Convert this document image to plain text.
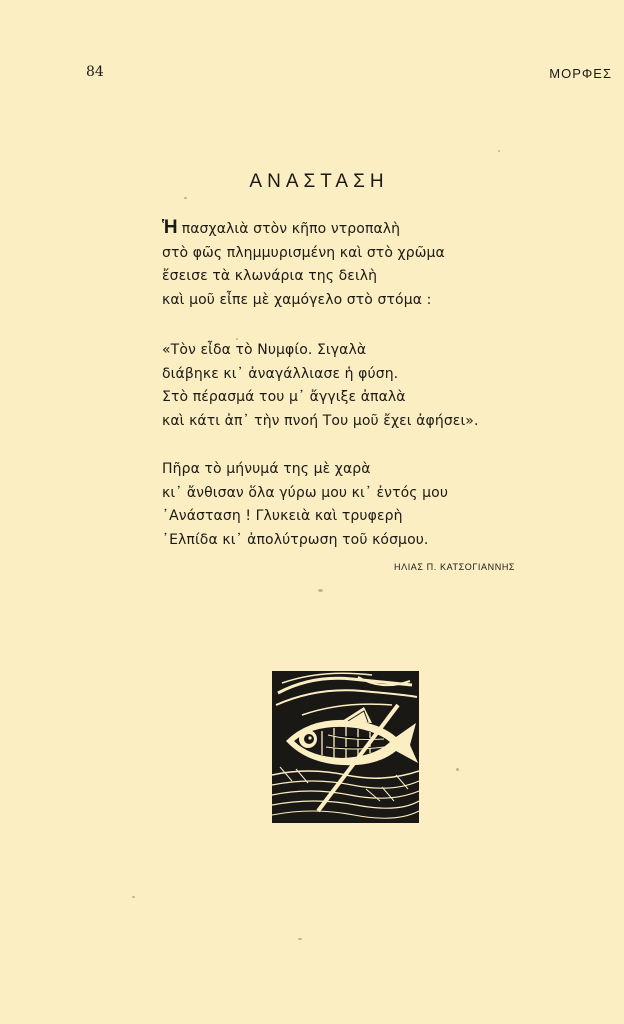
84	ΜΟΡΦΕΣ
ΑΝΑΣΤΑΣΗ
Ἡ πασχαλιὰ στὸν κῆπο ντροπαλὴ
στὸ φῶς πλημμυρισμένη καὶ στὸ χρῶμα
ἔσεισε τὰ κλωνάρια της δειλὴ
καὶ μοῦ εἶπε μὲ χαμόγελο στὸ στόμα :
«Τὸν εἶδα τὸ Νυμφίο. Σιγαλὰ
διάβηκε κι᾽ ἀναγάλλιασε ἡ φύση.
Στὸ πέρασμά του μ᾽ ἄγγιξε ἀπαλὰ
καὶ κάτι ἀπ᾽ τὴν πνοή Του μοῦ ἔχει ἀφήσει».
Πῆρα τὸ μήνυμά της μὲ χαρὰ
κι᾽ ἄνθισαν ὅλα γύρω μου κι᾽ ἐντός μου
᾽Ανάσταση ! Γλυκειὰ καὶ τρυφερὴ
᾽Ελπίδα κι᾽ ἀπολύτρωση τοῦ κόσμου.
ΗΛΙΑΣ Π. ΚΑΤΣΟΓΙΑΝΝΗΣ
